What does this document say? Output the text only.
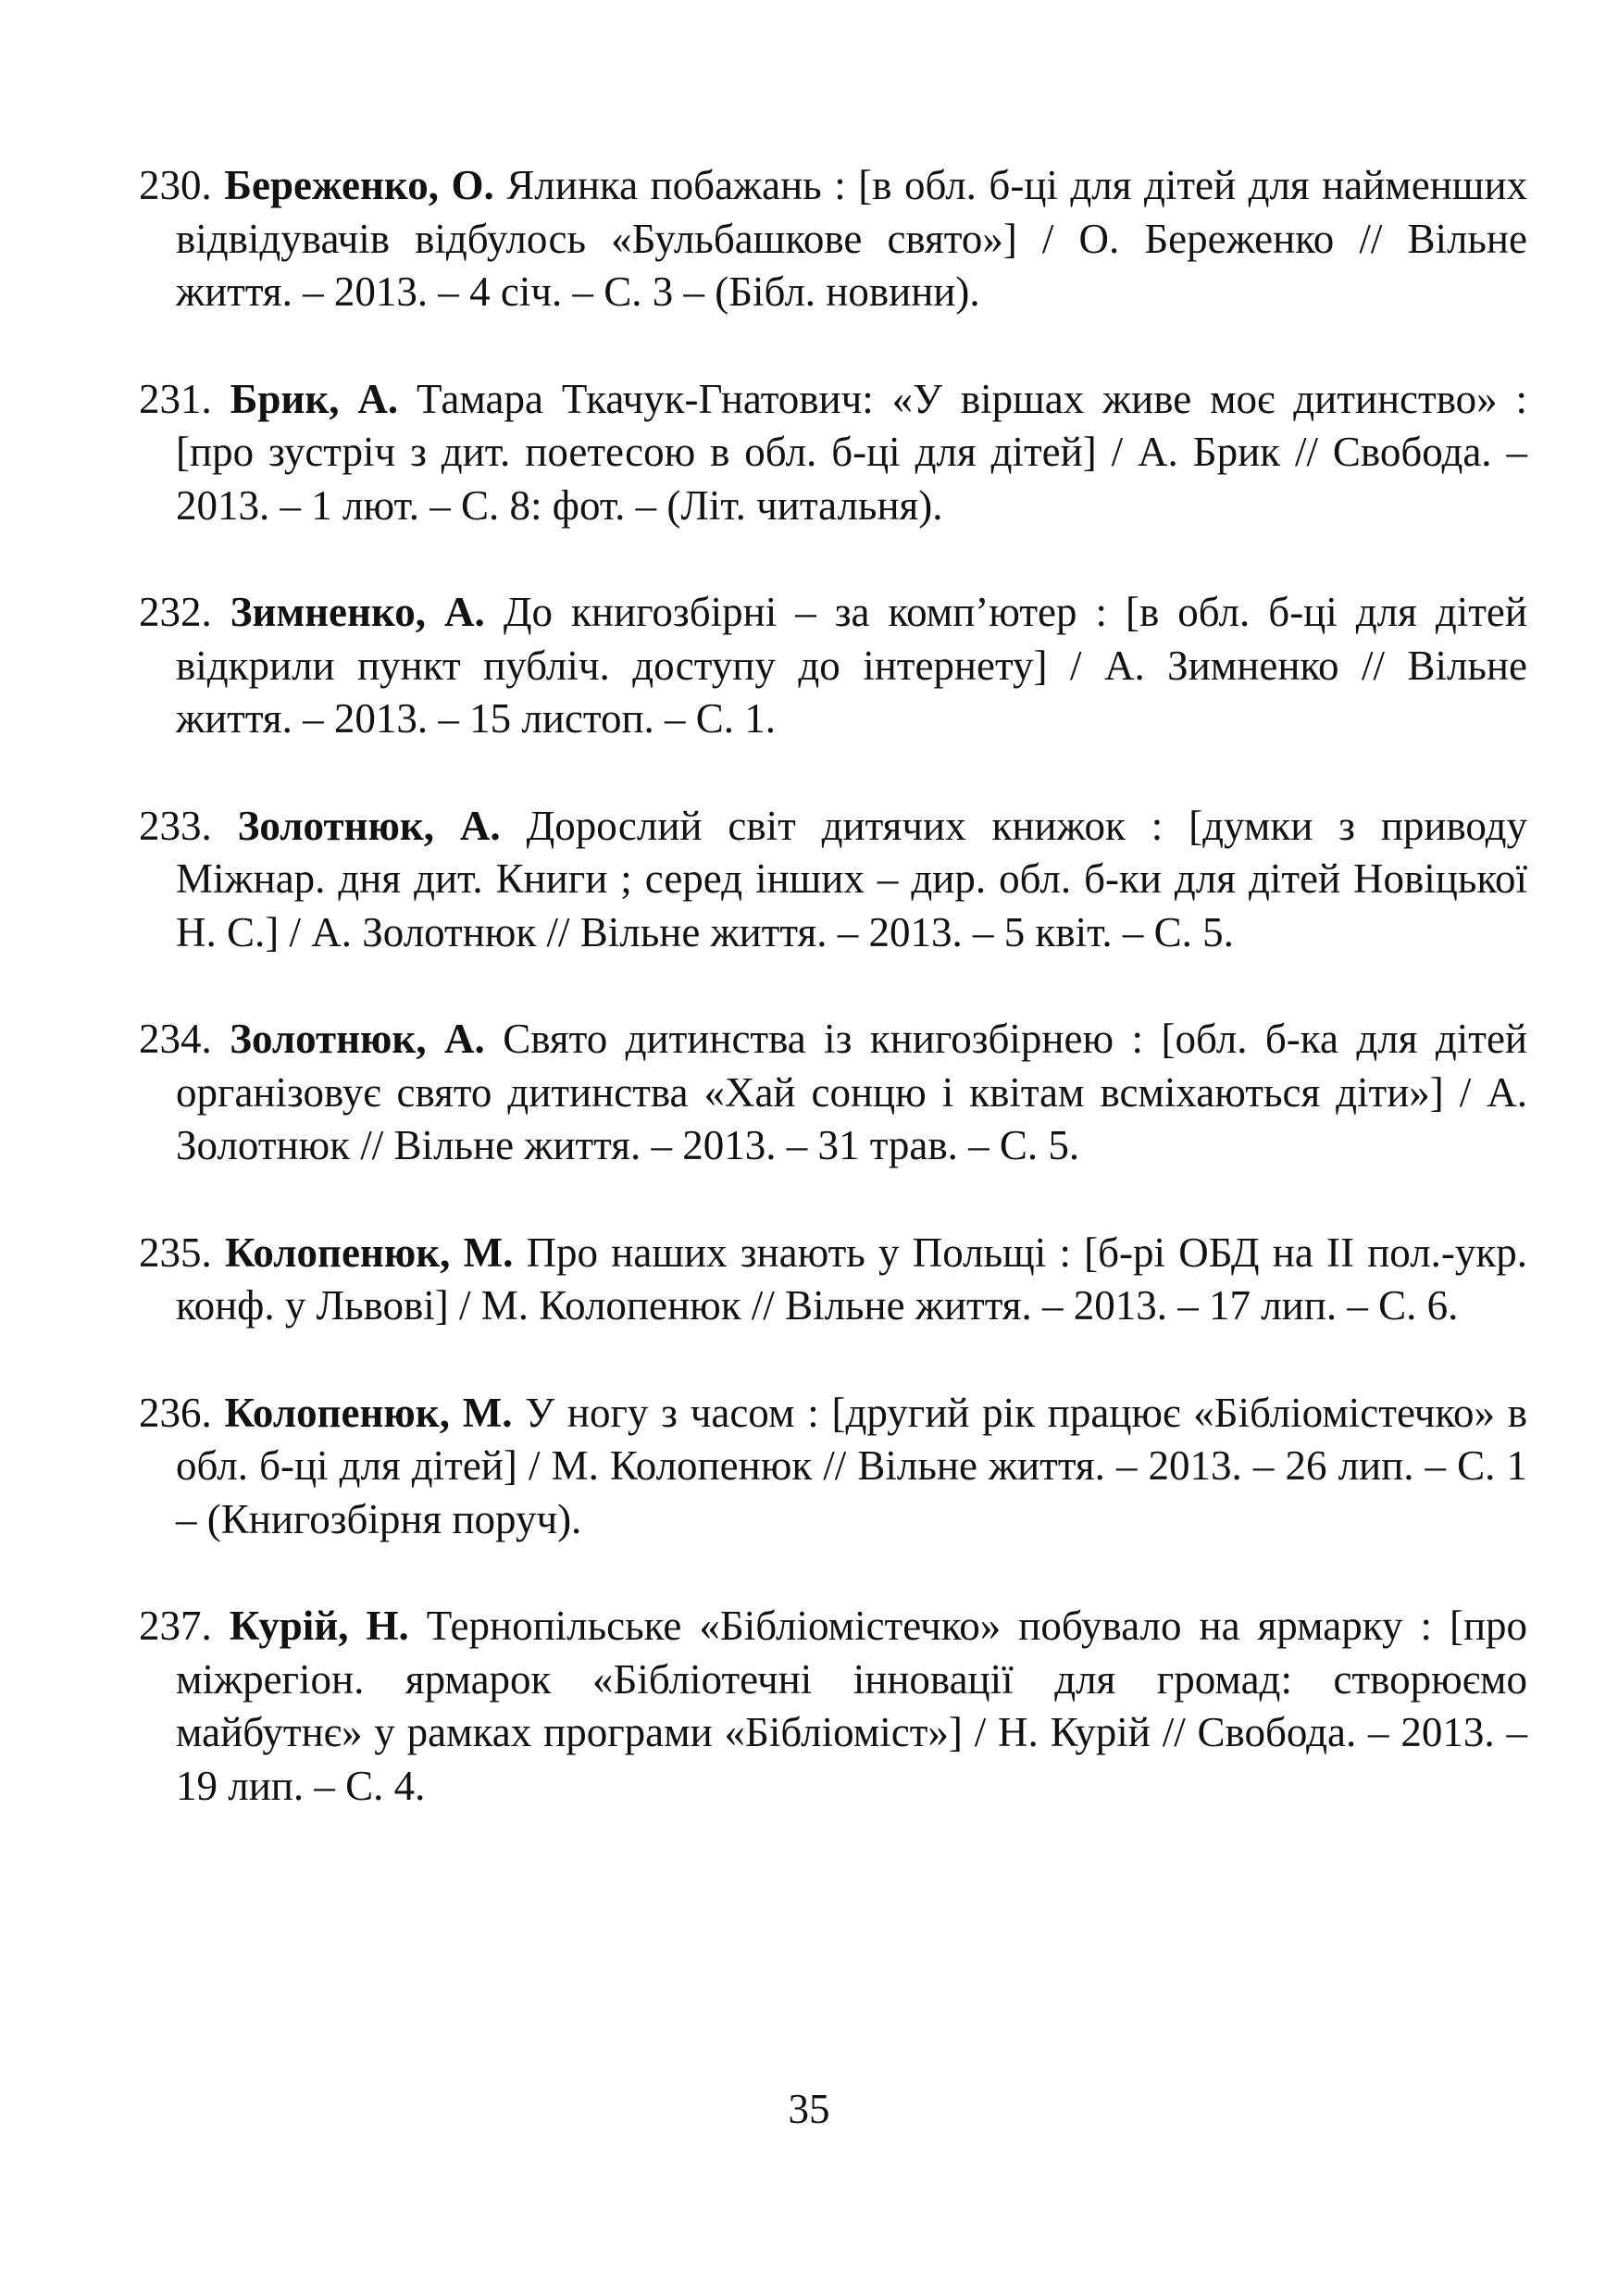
230. Береженко, О. Ялинка побажань : [в обл. б-ці для дітей для найменших відвідувачів відбулось «Бульбашкове свято»] / О. Береженко // Вільне життя. – 2013. – 4 січ. – С. 3 – (Бібл. новини).

231. Брик, А. Тамара Ткачук-Гнатович: «У віршах живе моє дитинство» : [про зустріч з дит. поетесою в обл. б-ці для дітей] / А. Брик // Свобода. – 2013. – 1 лют. – С. 8: фот. – (Літ. читальня).

232. Зимненко, А. До книгозбірні – за комп’ютер : [в обл. б-ці для дітей відкрили пункт публіч. доступу до інтернету] / А. Зимненко // Вільне життя. – 2013. – 15 листоп. – С. 1.

233. Золотнюк, А. Дорослий світ дитячих книжок : [думки з приводу Міжнар. дня дит. Книги ; серед інших – дир. обл. б-ки для дітей Новіцької Н. С.] / А. Золотнюк // Вільне життя. – 2013. – 5 квіт. – С. 5.

234. Золотнюк, А. Свято дитинства із книгозбірнею : [обл. б-ка для дітей організовує свято дитинства «Хай сонцю і квітам всміхаються діти»] / А. Золотнюк // Вільне життя. – 2013. – 31 трав. – С. 5.

235. Колопенюк, М. Про наших знають у Польщі : [б-рі ОБД на ІІ пол.-укр. конф. у Львові] / М. Колопенюк // Вільне життя. – 2013. – 17 лип. – С. 6.

236. Колопенюк, М. У ногу з часом : [другий рік працює «Бібліомістечко» в обл. б-ці для дітей] / М. Колопенюк // Вільне життя. – 2013. – 26 лип. – С. 1 – (Книгозбірня поруч).

237. Курій, Н. Тернопільське «Бібліомістечко» побувало на ярмарку : [про міжрегіон. ярмарок «Бібліотечні інновації для громад: створюємо майбутнє» у рамках програми «Бібліоміст»] / Н. Курій // Свобода. – 2013. – 19 лип. – С. 4.

35
